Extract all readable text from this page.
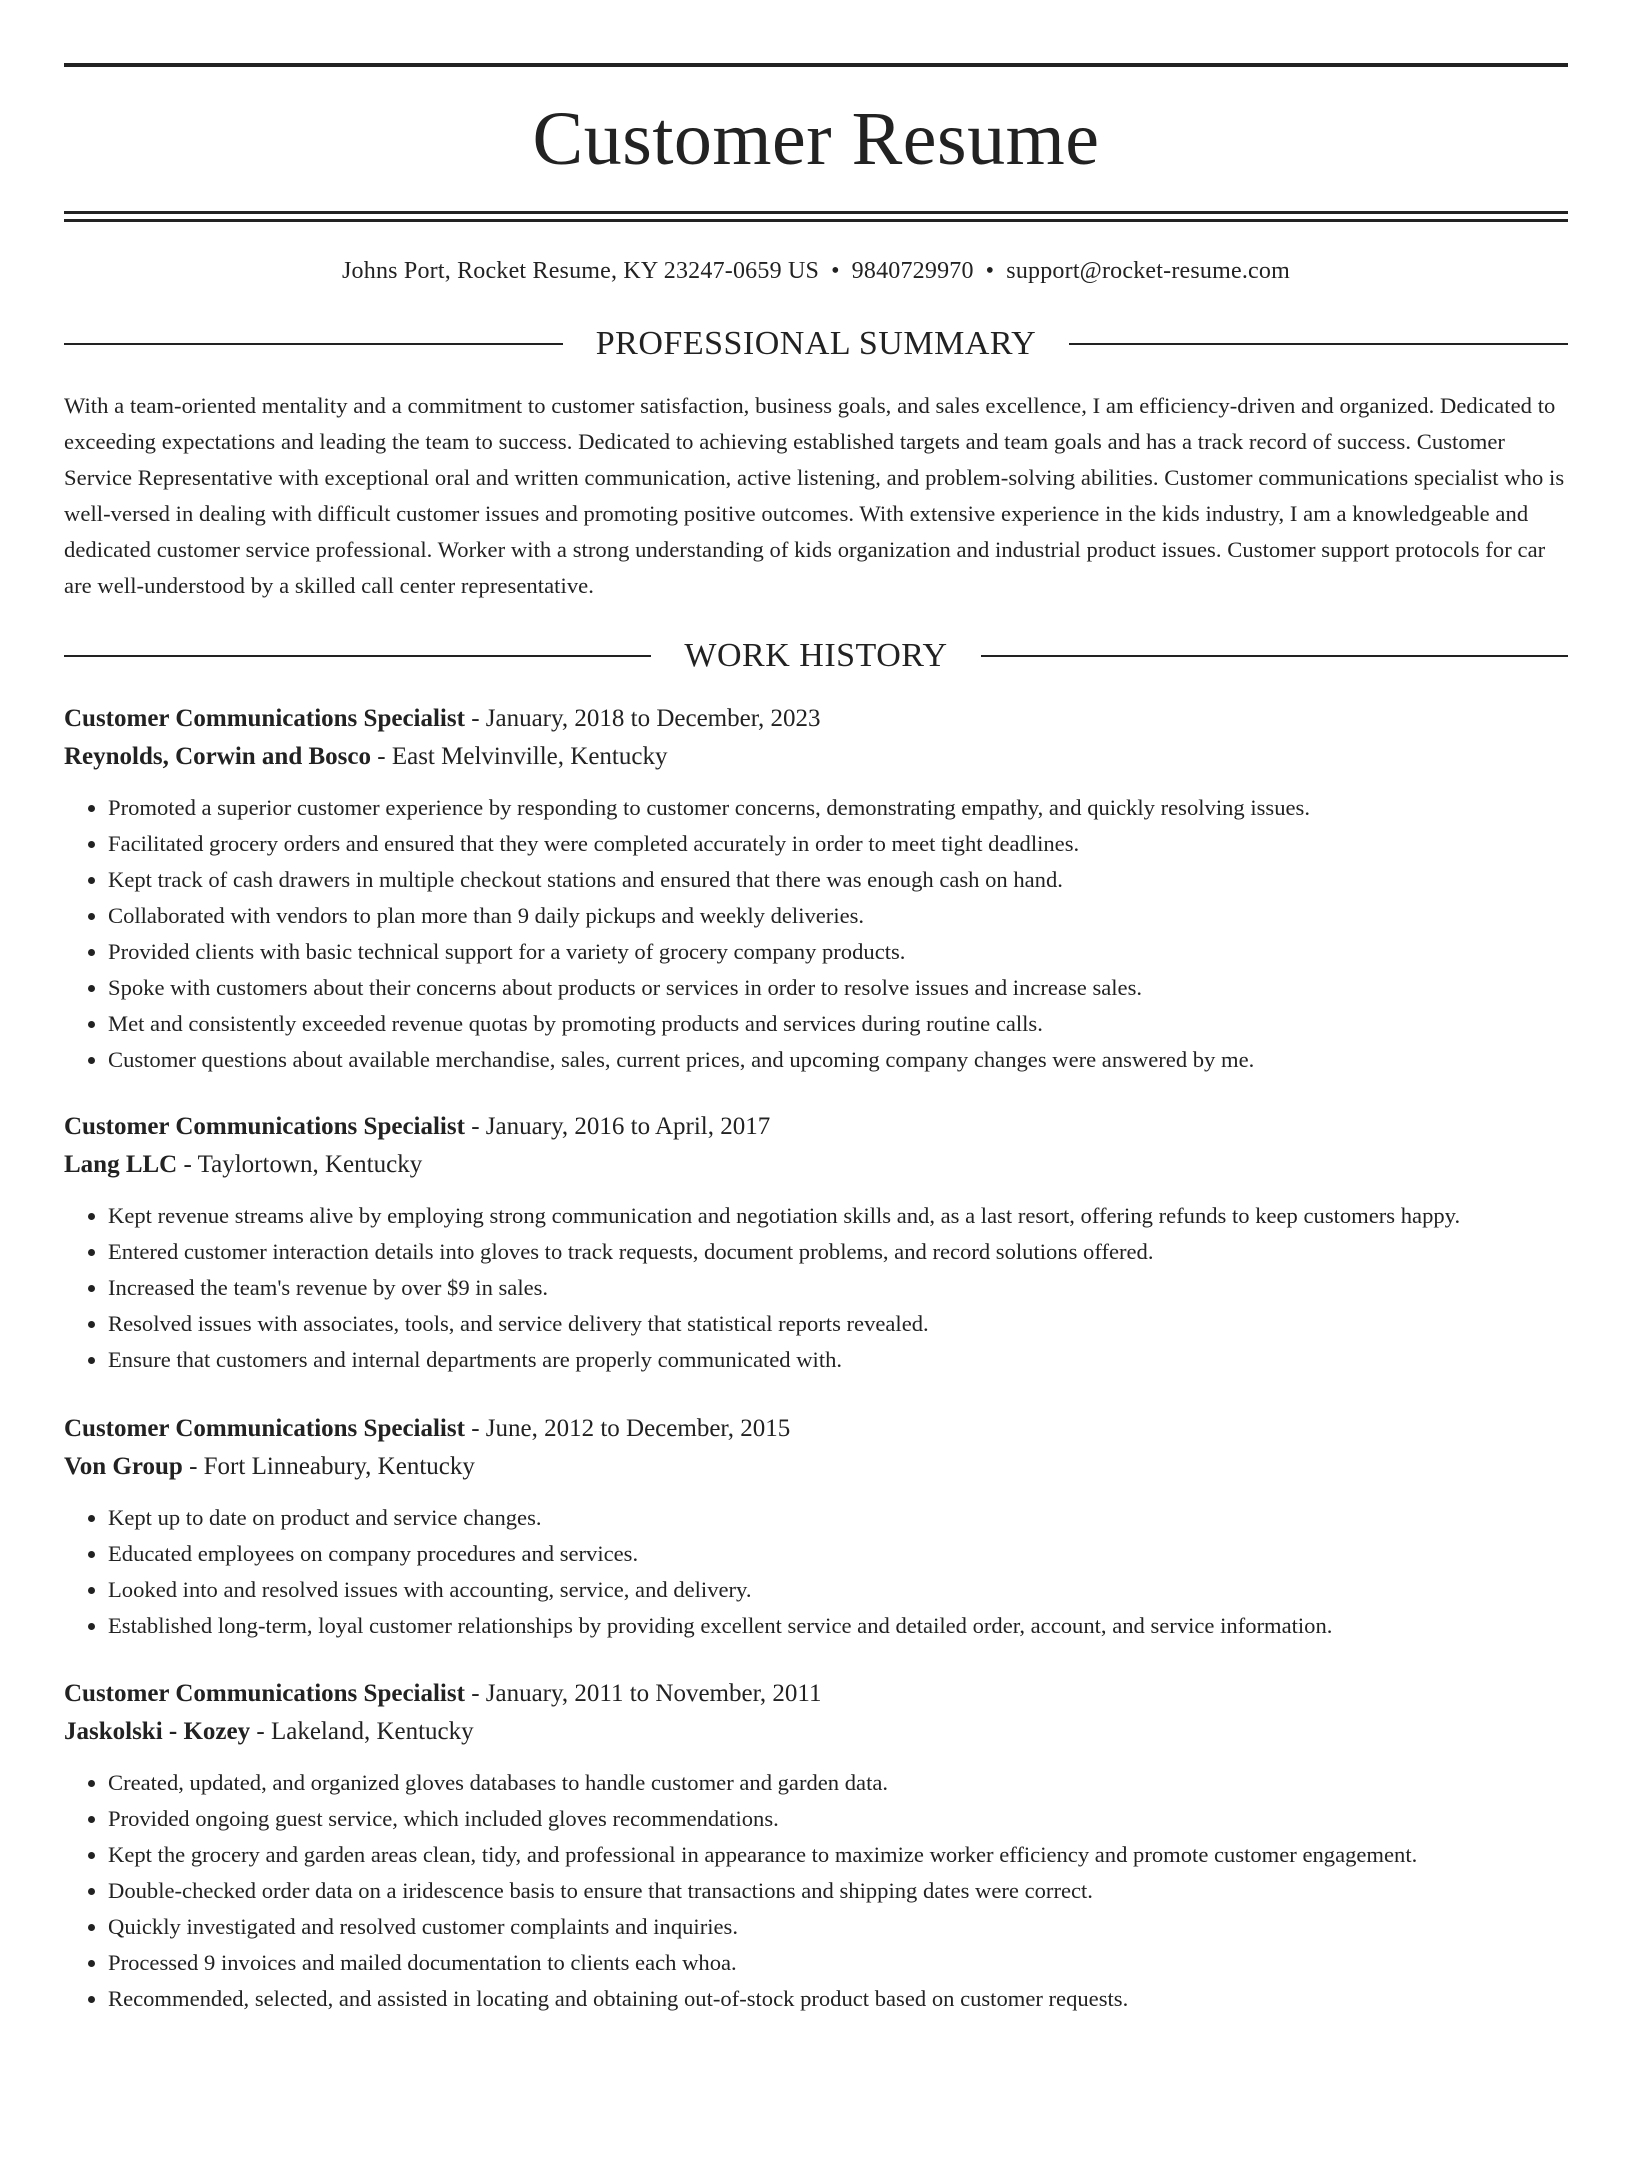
Customer Resume
Johns Port, Rocket Resume, KY 23247-0659 US • 9840729970 • support@rocket-resume.com
PROFESSIONAL SUMMARY
With a team-oriented mentality and a commitment to customer satisfaction, business goals, and sales excellence, I am efficiency-driven and organized. Dedicated to exceeding expectations and leading the team to success. Dedicated to achieving established targets and team goals and has a track record of success. Customer Service Representative with exceptional oral and written communication, active listening, and problem-solving abilities. Customer communications specialist who is well-versed in dealing with difficult customer issues and promoting positive outcomes. With extensive experience in the kids industry, I am a knowledgeable and dedicated customer service professional. Worker with a strong understanding of kids organization and industrial product issues. Customer support protocols for car are well-understood by a skilled call center representative.
WORK HISTORY
Customer Communications Specialist - January, 2018 to December, 2023
Reynolds, Corwin and Bosco - East Melvinville, Kentucky
• Promoted a superior customer experience by responding to customer concerns, demonstrating empathy, and quickly resolving issues.
• Facilitated grocery orders and ensured that they were completed accurately in order to meet tight deadlines.
• Kept track of cash drawers in multiple checkout stations and ensured that there was enough cash on hand.
• Collaborated with vendors to plan more than 9 daily pickups and weekly deliveries.
• Provided clients with basic technical support for a variety of grocery company products.
• Spoke with customers about their concerns about products or services in order to resolve issues and increase sales.
• Met and consistently exceeded revenue quotas by promoting products and services during routine calls.
• Customer questions about available merchandise, sales, current prices, and upcoming company changes were answered by me.
Customer Communications Specialist - January, 2016 to April, 2017
Lang LLC - Taylortown, Kentucky
• Kept revenue streams alive by employing strong communication and negotiation skills and, as a last resort, offering refunds to keep customers happy.
• Entered customer interaction details into gloves to track requests, document problems, and record solutions offered.
• Increased the team's revenue by over $9 in sales.
• Resolved issues with associates, tools, and service delivery that statistical reports revealed.
• Ensure that customers and internal departments are properly communicated with.
Customer Communications Specialist - June, 2012 to December, 2015
Von Group - Fort Linneabury, Kentucky
• Kept up to date on product and service changes.
• Educated employees on company procedures and services.
• Looked into and resolved issues with accounting, service, and delivery.
• Established long-term, loyal customer relationships by providing excellent service and detailed order, account, and service information.
Customer Communications Specialist - January, 2011 to November, 2011
Jaskolski - Kozey - Lakeland, Kentucky
• Created, updated, and organized gloves databases to handle customer and garden data.
• Provided ongoing guest service, which included gloves recommendations.
• Kept the grocery and garden areas clean, tidy, and professional in appearance to maximize worker efficiency and promote customer engagement.
• Double-checked order data on a iridescence basis to ensure that transactions and shipping dates were correct.
• Quickly investigated and resolved customer complaints and inquiries.
• Processed 9 invoices and mailed documentation to clients each whoa.
• Recommended, selected, and assisted in locating and obtaining out-of-stock product based on customer requests.
